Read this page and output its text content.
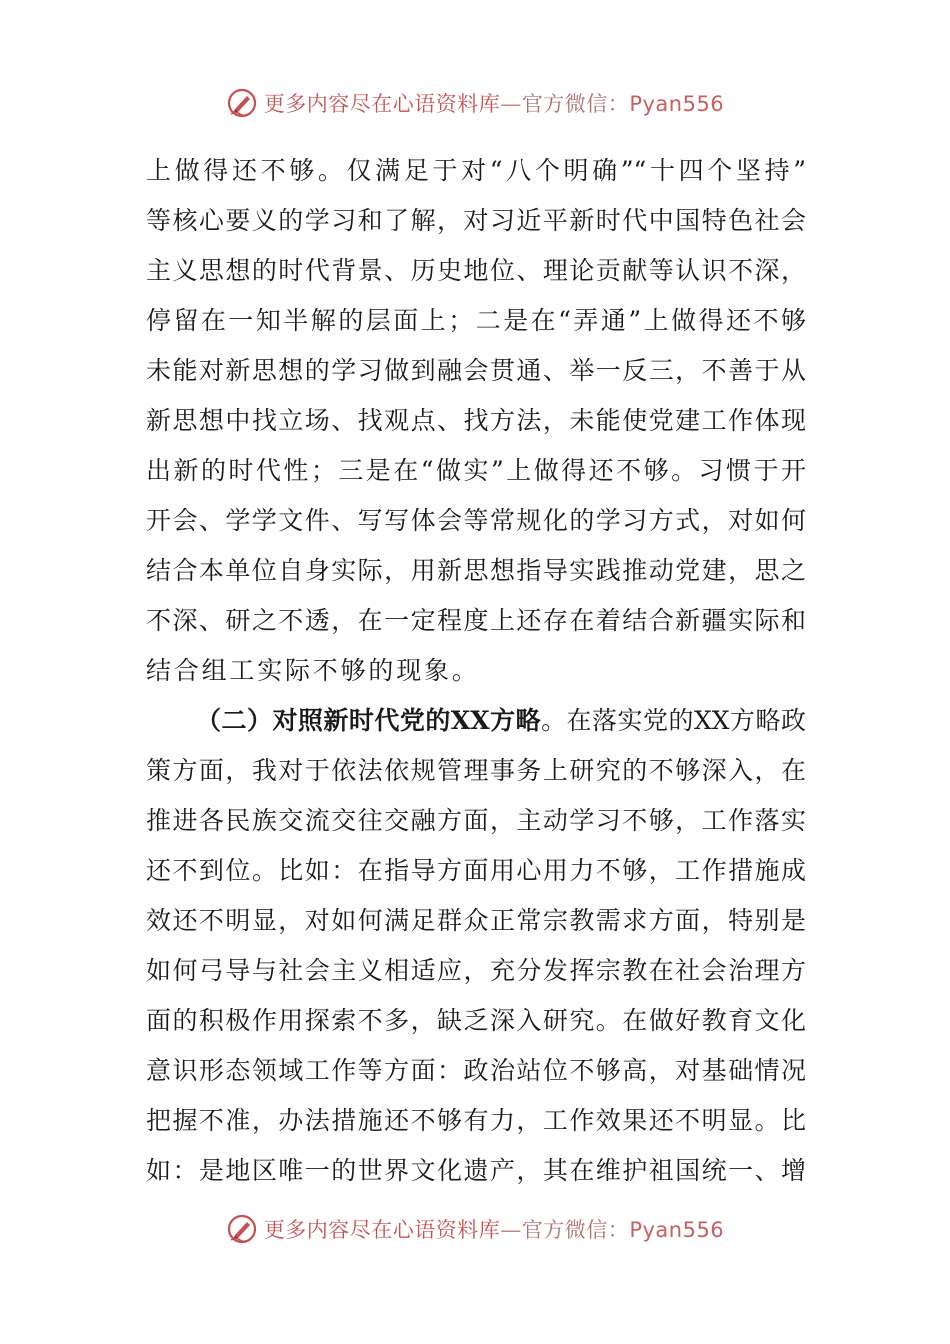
更多内容尽在心语资料库—官方微信：Pyan556
上做得还不够。仅满足于对“八个明确”“十四个坚持”
等核心要义的学习和了解，对习近平新时代中国特色社会
主义思想的时代背景、历史地位、理论贡献等认识不深，
停留在一知半解的层面上；二是在“弄通”上做得还不够
未能对新思想的学习做到融会贯通、举一反三，不善于从
新思想中找立场、找观点、找方法，未能使党建工作体现
出新的时代性；三是在“做实”上做得还不够。习惯于开
开会、学学文件、写写体会等常规化的学习方式，对如何
结合本单位自身实际，用新思想指导实践推动党建，思之
不深、研之不透，在一定程度上还存在着结合新疆实际和
结合组工实际不够的现象。
（二）对照新时代党的XX方略。在落实党的XX方略政
策方面，我对于依法依规管理事务上研究的不够深入，在
推进各民族交流交往交融方面，主动学习不够，工作落实
还不到位。比如：在指导方面用心用力不够，工作措施成
效还不明显，对如何满足群众正常宗教需求方面，特别是
如何弓导与社会主义相适应，充分发挥宗教在社会治理方
面的积极作用探索不多，缺乏深入研究。在做好教育文化
意识形态领域工作等方面：政治站位不够高，对基础情况
把握不准，办法措施还不够有力，工作效果还不明显。比
如：是地区唯一的世界文化遗产，其在维护祖国统一、增
更多内容尽在心语资料库—官方微信：Pyan556
